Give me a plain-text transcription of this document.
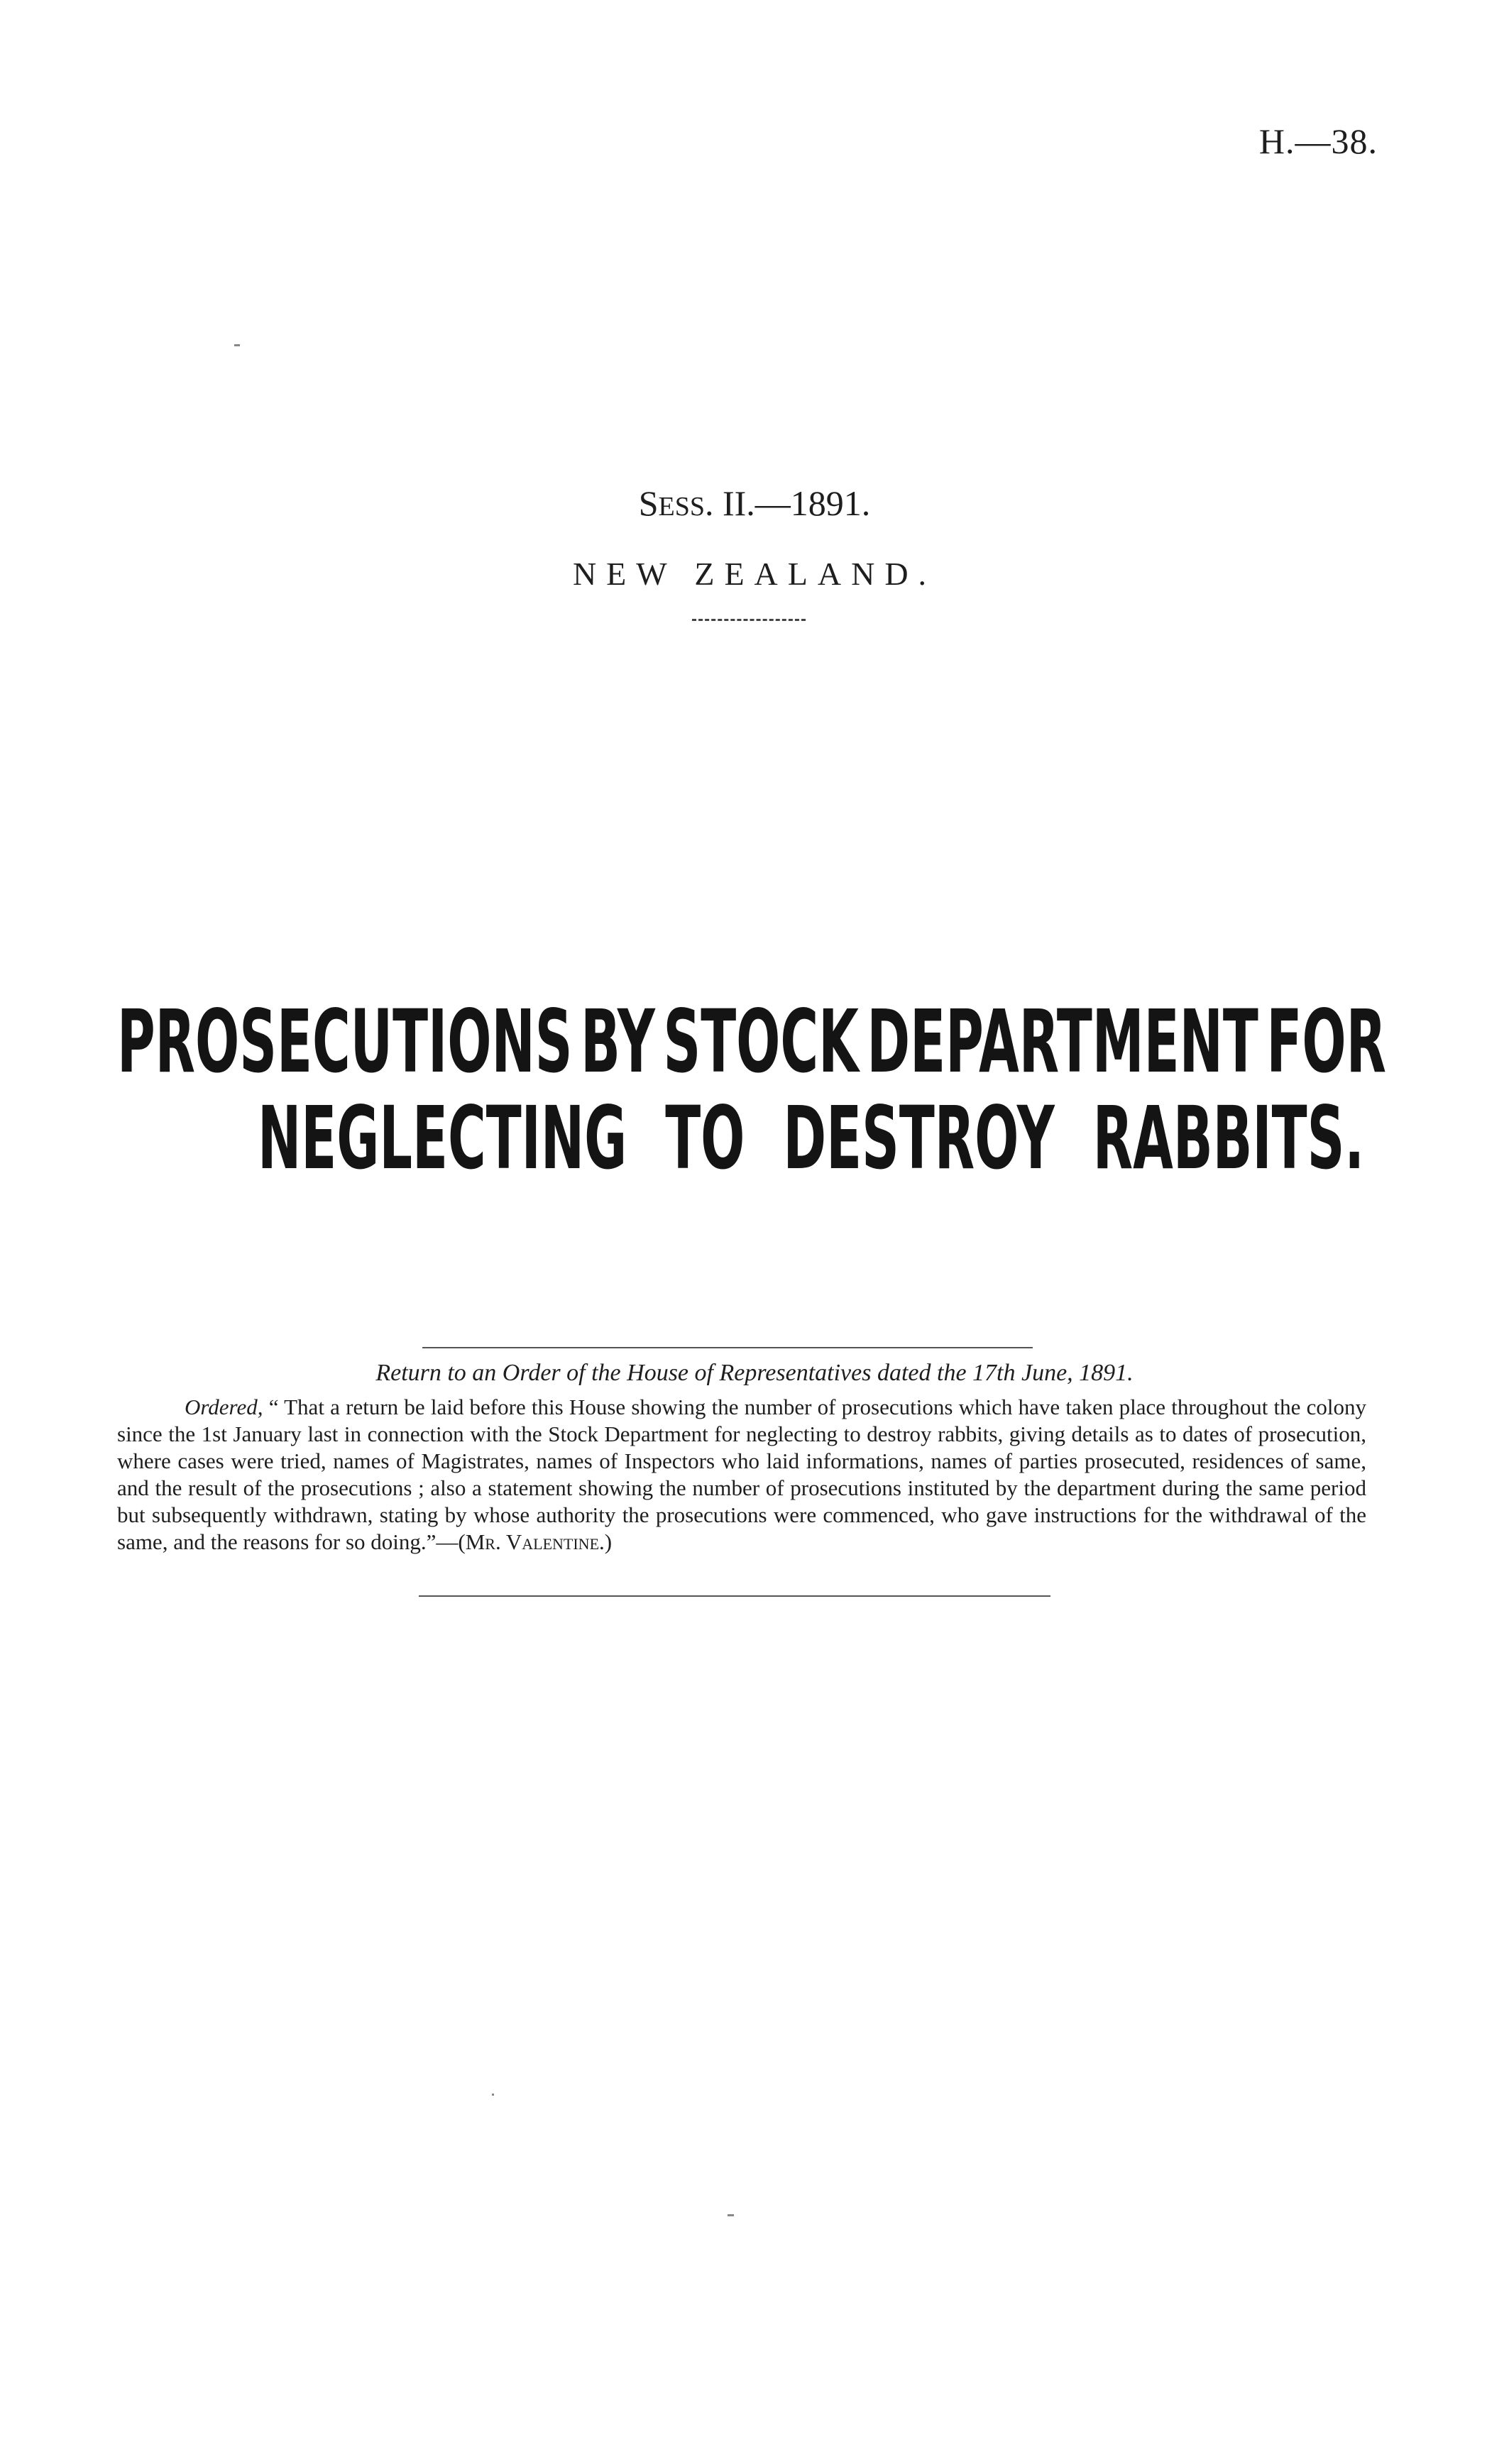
H.—38.
SESS. II.—1891.
NEW ZEALAND.
PROSECUTIONS BY STOCK DEPARTMENT FOR
NEGLECTING TO DESTROY RABBITS.
Return to an Order of the House of Representatives dated the 17th June, 1891.
Ordered, “ That a return be laid before this House showing the number of prosecutions which have taken place throughout the colony since the 1st January last in connection with the Stock Department for neglecting to destroy rabbits, giving details as to dates of prosecution, where cases were tried, names of Magistrates, names of Inspectors who laid informations, names of parties prosecuted, residences of same, and the result of the prosecutions ; also a statement showing the number of prosecutions instituted by the department during the same period but subsequently withdrawn, stating by whose authority the prosecutions were commenced, who gave instructions for the withdrawal of the same, and the reasons for so doing.”—(Mr. Valentine.)
